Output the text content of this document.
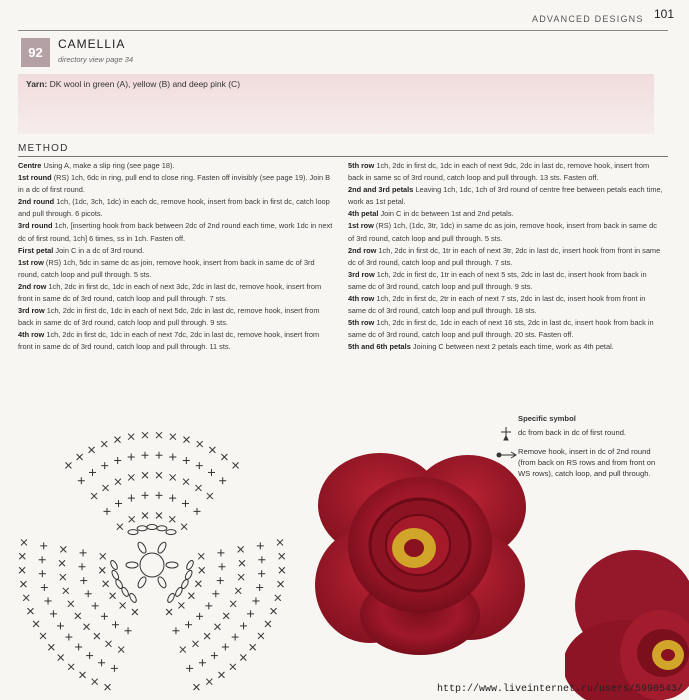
ADVANCED DESIGNS 101
92
CAMELLIA
directory view page 34
Yarn: DK wool in green (A), yellow (B) and deep pink (C)
METHOD

Centre Using A, make a slip ring (see page 18).

1st round (RS) 1ch, 6dc in ring, pull end to close ring. Fasten off invisibly (see page 19). Join B in a dc of first round.

2nd round 1ch, (1dc, 3ch, 1dc) in each dc, remove hook, insert from back in first dc, catch loop and pull through. 6 picots.

3rd round 1ch, [inserting hook from back between 2dc of 2nd round each time, work 1dc in next dc of first round, 1ch] 6 times, ss in 1ch. Fasten off.

First petal Join C in a dc of 3rd round.

1st row (RS) 1ch, 5dc in same dc as join, remove hook, insert from back in same dc of 3rd round, catch loop and pull through. 5 sts.

2nd row 1ch, 2dc in first dc, 1dc in each of next 3dc, 2dc in last dc, remove hook, insert from front in same dc of 3rd round, catch loop and pull through. 7 sts.

3rd row 1ch, 2dc in first dc, 1dc in each of next 5dc, 2dc in last dc, remove hook, insert from back in same dc of 3rd round, catch loop and pull through. 9 sts.

4th row 1ch, 2dc in first dc, 1dc in each of next 7dc, 2dc in last dc, remove hook, insert from front in same dc of 3rd round, catch loop and pull through. 11 sts.

5th row 1ch, 2dc in first dc, 1dc in each of next 9dc, 2dc in last dc, remove hook, insert from back in same sc of 3rd round, catch loop and pull through. 13 sts. Fasten off.

2nd and 3rd petals Leaving 1ch, 1dc, 1ch of 3rd round of centre free between petals each time, work as 1st petal.

4th petal Join C in dc between 1st and 2nd petals.

1st row (RS) 1ch, (1dc, 3tr, 1dc) in same dc as join, remove hook, insert from back in same dc of 3rd round, catch loop and pull through. 5 sts.

2nd row 1ch, 2dc in first dc, 1tr in each of next 3tr, 2dc in last dc, insert hook from front in same dc of 3rd round, catch loop and pull through. 7 sts.

3rd row 1ch, 2dc in first dc, 1tr in each of next 5 sts, 2dc in last dc, insert hook from back in same dc of 3rd round, catch loop and pull through. 9 sts.

4th row 1ch, 2dc in first dc, 2tr in each of next 7 sts, 2dc in last dc, insert hook from front in same dc of 3rd round, catch loop and pull through. 18 sts.

5th row 1ch, 2dc in first dc, 1dc in each of next 16 sts, 2dc in last dc, insert hook from back in same dc of 3rd round, catch loop and pull through. 20 sts. Fasten off.

5th and 6th petals Joining C between next 2 petals each time, work as 4th petal.

Specific symbol
dc from back in dc of first round.
Remove hook, insert in dc of 2nd round (from back on RS rows and from front on WS rows), catch loop, and pull through.
http://www.liveinternet.ru/users/5990543/
